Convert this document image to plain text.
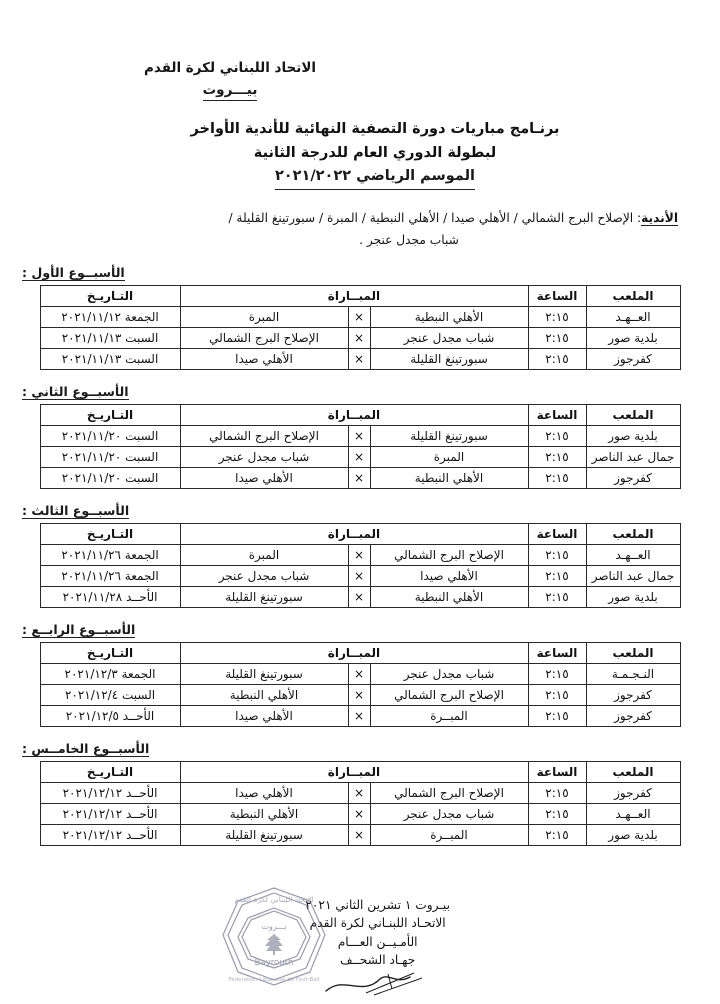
الاتحاد اللبناني لكرة القدم
بيـــروت
برنـامج مباريات دورة التصفية النهائية للأندية الأواخر
لبطولة الدوري العام للدرجة الثانية
الموسم الرياضي ٢٠٢١/٢٠٢٢
الأندية: الإصلاح البرج الشمالي / الأهلي صيدا / الأهلي النبطية / المبرة / سبورتينغ القليلة /
شباب مجدل عنجر .
الأسبــوع الأول :
الملعب	الساعة	المبــاراة			التـاريـخ
العــهـد	٢:١٥	الأهلي النبطية	×	المبرة	الجمعة ٢٠٢١/١١/١٢
بلدية صور	٢:١٥	شباب مجدل عنجر	×	الإصلاح البرج الشمالي	السبت ٢٠٢١/١١/١٣
كفرجوز	٢:١٥	سبورتينغ القليلة	×	الأهلي صيدا	السبت ٢٠٢١/١١/١٣
الأسبــوع الثاني :
الملعب	الساعة	المبــاراة			التـاريـخ
بلدية صور	٢:١٥	سبورتينغ القليلة	×	الإصلاح البرج الشمالي	السبت ٢٠٢١/١١/٢٠
جمال عبد الناصر	٢:١٥	المبرة	×	شباب مجدل عنجر	السبت ٢٠٢١/١١/٢٠
كفرجوز	٢:١٥	الأهلي النبطية	×	الأهلي صيدا	السبت ٢٠٢١/١١/٢٠
الأسبــوع الثالث :
الملعب	الساعة	المبــاراة			التـاريـخ
العــهـد	٢:١٥	الإصلاح البرج الشمالي	×	المبرة	الجمعة ٢٠٢١/١١/٢٦
جمال عبد الناصر	٢:١٥	الأهلي صيدا	×	شباب مجدل عنجر	الجمعة ٢٠٢١/١١/٢٦
بلدية صور	٢:١٥	الأهلي النبطية	×	سبورتينغ القليلة	الأحــد ٢٠٢١/١١/٢٨
الأسبــوع الرابــع :
الملعب	الساعة	المبــاراة			التـاريـخ
النـجـمـة	٢:١٥	شباب مجدل عنجر	×	سبورتينغ القليلة	الجمعة ٢٠٢١/١٢/٣
كفرجوز	٢:١٥	الإصلاح البرج الشمالي	×	الأهلي النبطية	السبت ٢٠٢١/١٢/٤
كفرجوز	٢:١٥	المبــرة	×	الأهلي صيدا	الأحــد ٢٠٢١/١٢/٥
الأسبــوع الخامــس :
الملعب	الساعة	المبــاراة			التـاريـخ
كفرجوز	٢:١٥	الإصلاح البرج الشمالي	×	الأهلي صيدا	الأحــد ٢٠٢١/١٢/١٢
العــهـد	٢:١٥	شباب مجدل عنجر	×	الأهلي النبطية	الأحــد ٢٠٢١/١٢/١٢
بلدية صور	٢:١٥	المبــرة	×	سبورتينغ القليلة	الأحــد ٢٠٢١/١٢/١٢
بيـروت ١ تشرين الثاني ٢٠٢١
الاتحـاد اللبنـاني لكرة القدم
الأمـيــن العـــام
جهـاد الشحــف
بـــروت
Bayrouth
الاتحاد اللبناني لكرة القدم
Federation Libanaise de Foot-Ball
